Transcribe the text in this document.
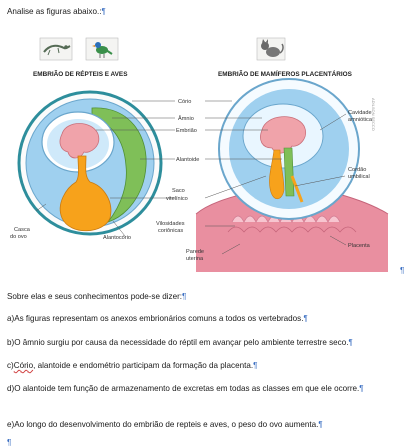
Analise as figuras abaixo.:¶
EMBRIÃO DE RÉPTEIS E AVES	EMBRIÃO DE MAMÍFEROS PLACENTÁRIOS
ADILSON SECCO
Cório
Âmnio
Embrião
Alantoide
Saco
vitelínico
Vilosidades
coriônicas
Parede
uterina
Casca
do ovo	Alantocório
Cavidade
amniótica
Cordão
umbilical
Placenta
¶
Sobre elas e seus conhecimentos pode-se dizer:¶
a)As figuras representam os anexos embrionários comuns a todos os vertebrados.¶
b)O âmnio surgiu por causa da necessidade do réptil em avançar pelo ambiente terrestre seco.¶
c)Cório, alantoide e endométrio participam da formação da placenta.¶
d)O alantoide tem função de armazenamento de excretas em todas as classes em que ele ocorre.¶
e)Ao longo do desenvolvimento do embrião de repteis e aves, o peso do ovo aumenta.¶
¶
